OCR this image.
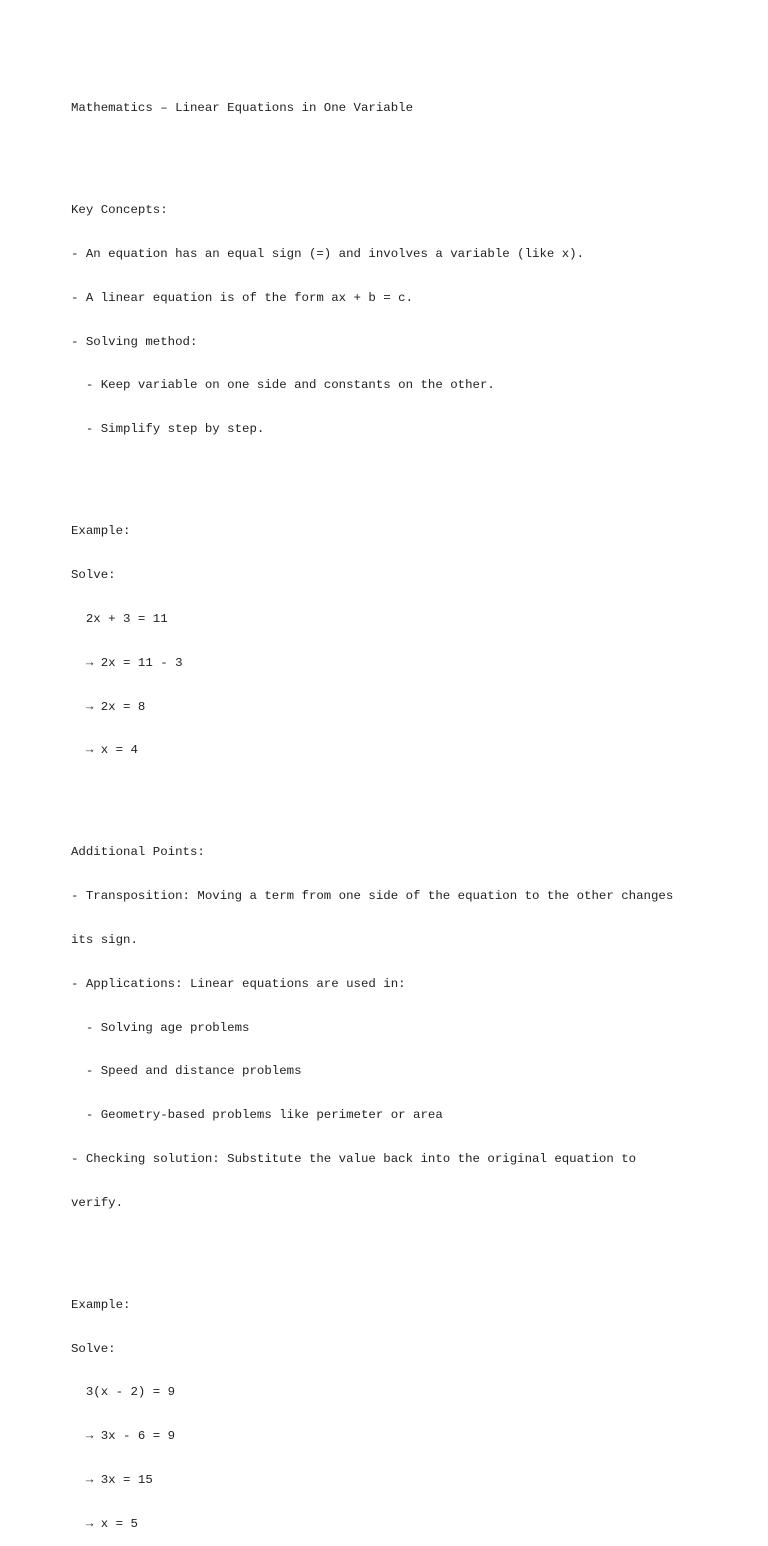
Mathematics – Linear Equations in One Variable

Key Concepts:

- An equation has an equal sign (=) and involves a variable (like x).

- A linear equation is of the form ax + b = c.

- Solving method:

- Keep variable on one side and constants on the other.

- Simplify step by step.

Example:

Solve:

2x + 3 = 11

→ 2x = 11 - 3

→ 2x = 8

→ x = 4

Additional Points:

- Transposition: Moving a term from one side of the equation to the other changes

its sign.

- Applications: Linear equations are used in:

- Solving age problems

- Speed and distance problems

- Geometry-based problems like perimeter or area

- Checking solution: Substitute the value back into the original equation to

verify.

Example:

Solve:

3(x - 2) = 9

→ 3x - 6 = 9

→ 3x = 15

→ x = 5
